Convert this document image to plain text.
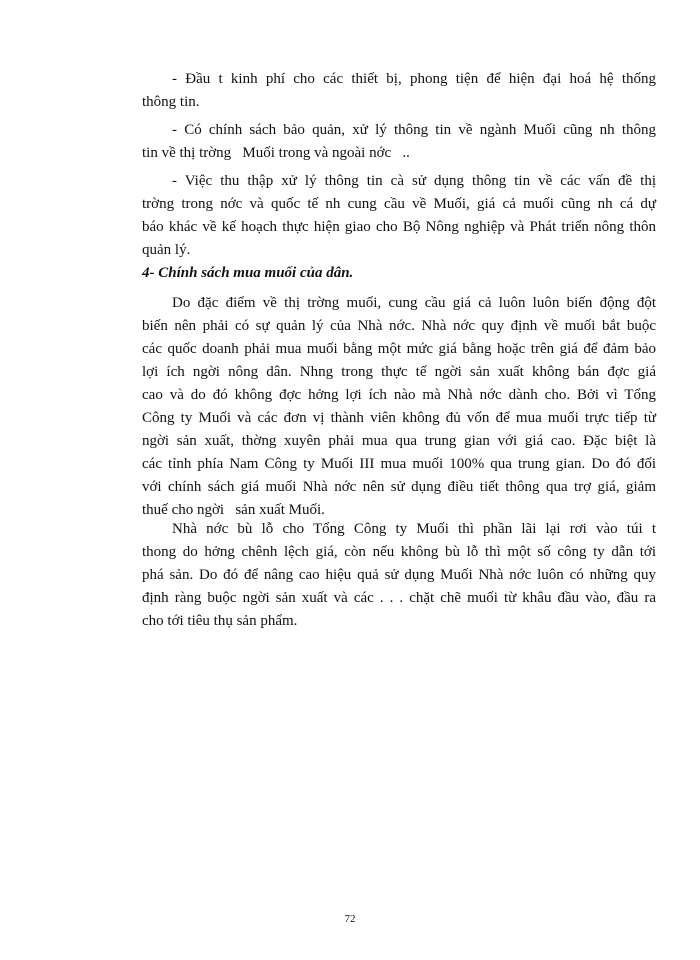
- Đầu t kinh phí cho các thiết bị, phong tiện để hiện đại hoá hệ thống
thông tin.
- Có chính sách bảo quản, xử lý thông tin về ngành Muối cũng nh thông
tin về thị trờng   Muối trong và ngoài nớc   ..
- Việc thu thập xử lý thông tin cà sử dụng thông tin về các vấn đề thị
trờng trong nớc và quốc tế nh cung cầu về Muối, giá cả muối cũng nh cá dự
báo khác về kế hoạch thực hiện giao cho Bộ Nông nghiệp và Phát triển nông thôn
quản lý.
4- Chính sách mua muối của dân.
Do đặc điểm về thị trờng muối, cung cầu giá cả luôn luôn biến động đột
biến nên phải có sự quản lý của Nhà nớc. Nhà nớc quy định về muối bắt buộc
các quốc doanh phải mua muối bằng một mức giá bằng hoặc trên giá để đảm bảo
lợi ích ngời nông dân. Nhng trong thực tế ngời sản xuất không bán đợc giá
cao và do đó không đợc hởng lợi ích nào mà Nhà nớc dành cho. Bởi vì Tổng
Công ty Muối và các đơn vị thành viên không đủ vốn để mua muối trực tiếp từ
ngời sản xuất, thờng xuyên phải mua qua trung gian với giá cao. Đặc biệt là
các tỉnh phía Nam Công ty Muối III mua muối 100% qua trung gian. Do đó đối
với chính sách giá muối Nhà nớc nên sử dụng điều tiết thông qua trợ giá, giảm
thuế cho ngời   sản xuất Muối.
Nhà nớc bù lỗ cho Tổng Công ty Muối thì phần lãi lại rơi vào túi t
thong do hởng chênh lệch giá, còn nếu không bù lỗ thì một số công ty dẫn tới
phá sản. Do đó để nâng cao hiệu quả sử dụng Muối Nhà nớc luôn có những quy
định ràng buộc ngời sản xuất và các . . . chặt chẽ muối từ khâu đầu vào, đầu ra
cho tới tiêu thụ sản phẩm.
72
